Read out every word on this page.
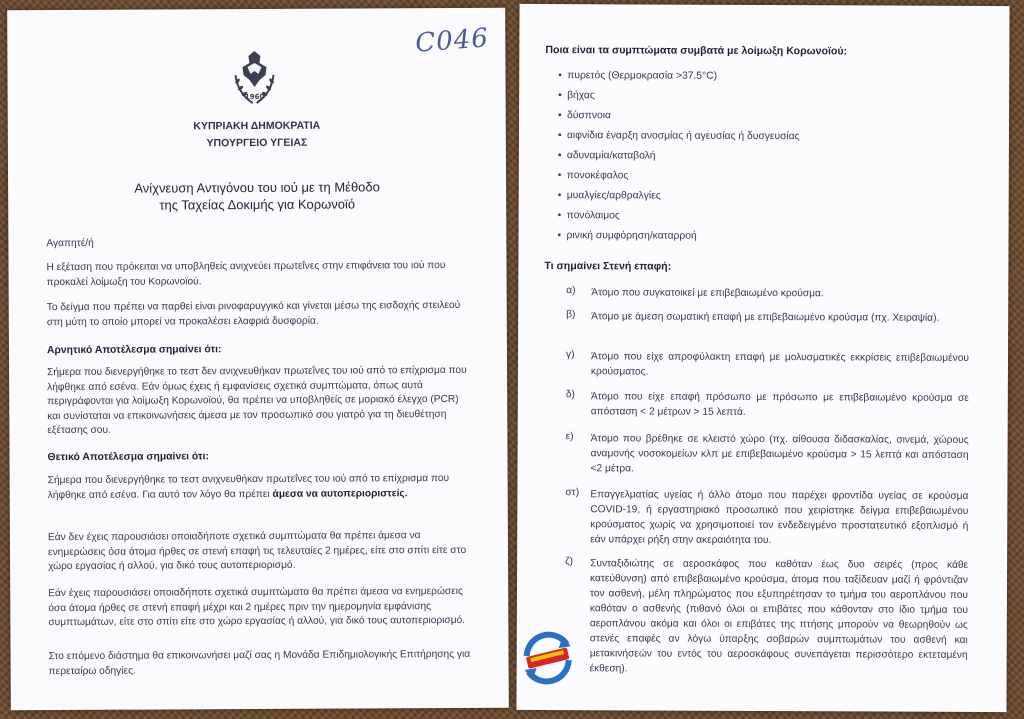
C046
1960
ΚΥΠΡΙΑΚΗ ΔΗΜΟΚΡΑΤΙΑ
ΥΠΟΥΡΓΕΙΟ ΥΓΕΙΑΣ
Ανίχνευση Αντιγόνου του ιού με τη Μέθοδο
της Ταχείας Δοκιμής για Κορωνοϊό
Αγαπητέ/ή
Η εξέταση που πρόκειται να υποβληθείς ανιχνεύει πρωτεΐνες στην επιφάνεια του ιού που προκαλεί λοίμωξη του Κορωνοϊού.
Το δείγμα που πρέπει να παρθεί είναι ρινοφαρυγγικό και γίνεται μέσω της εισδοχής στειλεού στη μύτη το οποίο μπορεί να προκαλέσει ελαφριά δυσφορία.
Αρνητικό Αποτέλεσμα σημαίνει ότι:
Σήμερα που διενεργήθηκε το τεστ δεν ανιχνευθήκαν πρωτεΐνες του ιού από το επίχρισμα που λήφθηκε από εσένα. Εάν όμως έχεις ή εμφανίσεις σχετικά συμπτώματα, όπως αυτά περιγράφονται για λοίμωξη Κορωνοϊού, θα πρέπει να υποβληθείς σε μοριακό έλεγχο (PCR) και συνίσταται να επικοινωνήσεις άμεσα με τον προσωπικό σου γιατρό για τη διευθέτηση εξέτασης σου.
Θετικό Αποτέλεσμα σημαίνει ότι:
Σήμερα που διενεργήθηκε το τεστ ανιχνευθήκαν πρωτεΐνες του ιού από το επίχρισμα που λήφθηκε από εσένα. Για αυτό τον λόγο θα πρέπει άμεσα να αυτοπεριοριστείς.
Εάν δεν έχεις παρουσιάσει οποιαδήποτε σχετικά συμπτώματα θα πρέπει άμεσα να ενημερώσεις όσα άτομα ήρθες σε στενή επαφή τις τελευταίες 2 ημέρες, είτε στο σπίτι είτε στο χώρο εργασίας ή αλλού, για δικό τους αυτοπεριορισμό.
Εάν έχεις παρουσιάσει οποιαδήποτε σχετικά συμπτώματα θα πρέπει άμεσα να ενημερώσεις όσα άτομα ήρθες σε στενή επαφή μέχρι και 2 ημέρες πριν την ημερομηνία εμφάνισης συμπτωμάτων, είτε στο σπίτι είτε στο χώρο εργασίας ή αλλού, για δικό τους αυτοπεριορισμό.
Στο επόμενο διάστημα θα επικοινωνήσει μαζί σας η Μονάδα Επιδημιολογικής Επιτήρησης για περεταίρω οδηγίες.
Ποια είναι τα συμπτώματα συμβατά με λοίμωξη Κορωνοϊού:
• πυρετός (Θερμοκρασία >37.5°C)
• βήχας
• δύσπνοια
• αιφνίδια έναρξη ανοσμίας ή αγευσίας ή δυσγευσίας
• αδυναμία/καταβολή
• πονοκέφαλος
• μυαλγίες/αρθραλγίες
• πονόλαιμος
• ρινική συμφόρηση/καταρροή
Τι σημαίνει Στενή επαφή:
α)	Άτομο που συγκατοικεί με επιβεβαιωμένο κρούσμα.
β)	Άτομο με άμεση σωματική επαφή με επιβεβαιωμένο κρούσμα (πχ. Χειραψία).
γ)	Άτομο που είχε απροφύλακτη επαφή με μολυσματικές εκκρίσεις επιβεβαιωμένου κρούσματος.
δ)	Άτομο που είχε επαφή πρόσωπο με πρόσωπο με επιβεβαιωμένο κρούσμα σε απόσταση < 2 μέτρων > 15 λεπτά.
ε)	Άτομο που βρέθηκε σε κλειστό χώρο (πχ. αίθουσα διδασκαλίας, σινεμά, χώρους αναμονής νοσοκομείων κλπ με επιβεβαιωμένο κρούσμα > 15 λεπτά και απόσταση <2 μέτρα.
στ)	Επαγγελματίας υγείας ή άλλο άτομο που παρέχει φροντίδα υγείας σε κρούσμα COVID-19, ή εργαστηριακό προσωπικό που χειρίστηκε δείγμα επιβεβαιωμένου κρούσματος χωρίς να χρησιμοποιεί τον ενδεδειγμένο προστατευτικό εξοπλισμό ή εάν υπάρχει ρήξη στην ακεραιότητα του.
ζ)	Συνταξιδιώτης σε αεροσκάφος που καθόταν έως δυο σειρές (προς κάθε κατεύθυνση) από επιβεβαιωμένο κρούσμα, άτομα που ταξίδευαν μαζί ή φρόντιζαν τον ασθενή, μέλη πληρώματος που εξυπηρέτησαν το τμήμα του αεροπλάνου που καθόταν ο ασθενής (πιθανό όλοι οι επιβάτες που κάθονταν στο ίδιο τμήμα του αεροπλάνου ακόμα και όλοι οι επιβάτες της πτήσης μπορούν να θεωρηθούν ως στενές επαφές αν λόγω ύπαρξης σοβαρών συμπτωμάτων του ασθενή και μετακινήσεών του εντός του αεροσκάφους συνεπάγεται περισσότερο εκτεταμένη έκθεση).
